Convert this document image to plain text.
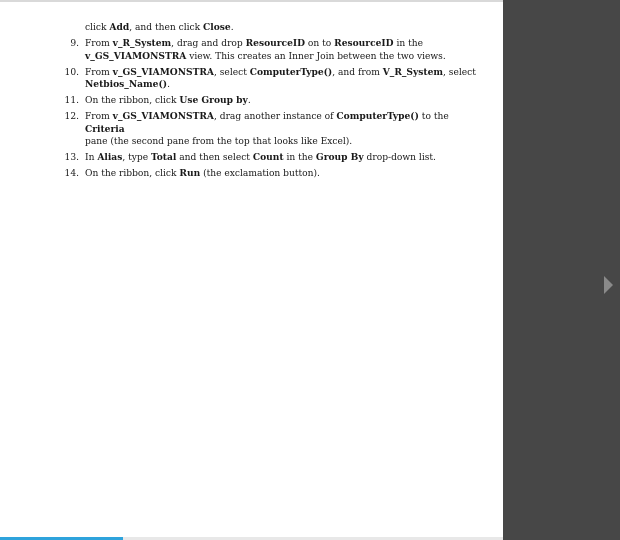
click Add, and then click Close.
9. From v_R_System, drag and drop ResourceID on to ResourceID in the
v_GS_VIAMONSTRA view. This creates an Inner Join between the two views.
10. From v_GS_VIAMONSTRA, select ComputerType(), and from V_R_System, select
Netbios_Name().
11. On the ribbon, click Use Group by.
12. From v_GS_VIAMONSTRA, drag another instance of ComputerType() to the Criteria
pane (the second pane from the top that looks like Excel).
13. In Alias, type Total and then select Count in the Group By drop-down list.
14. On the ribbon, click Run (the exclamation button).
